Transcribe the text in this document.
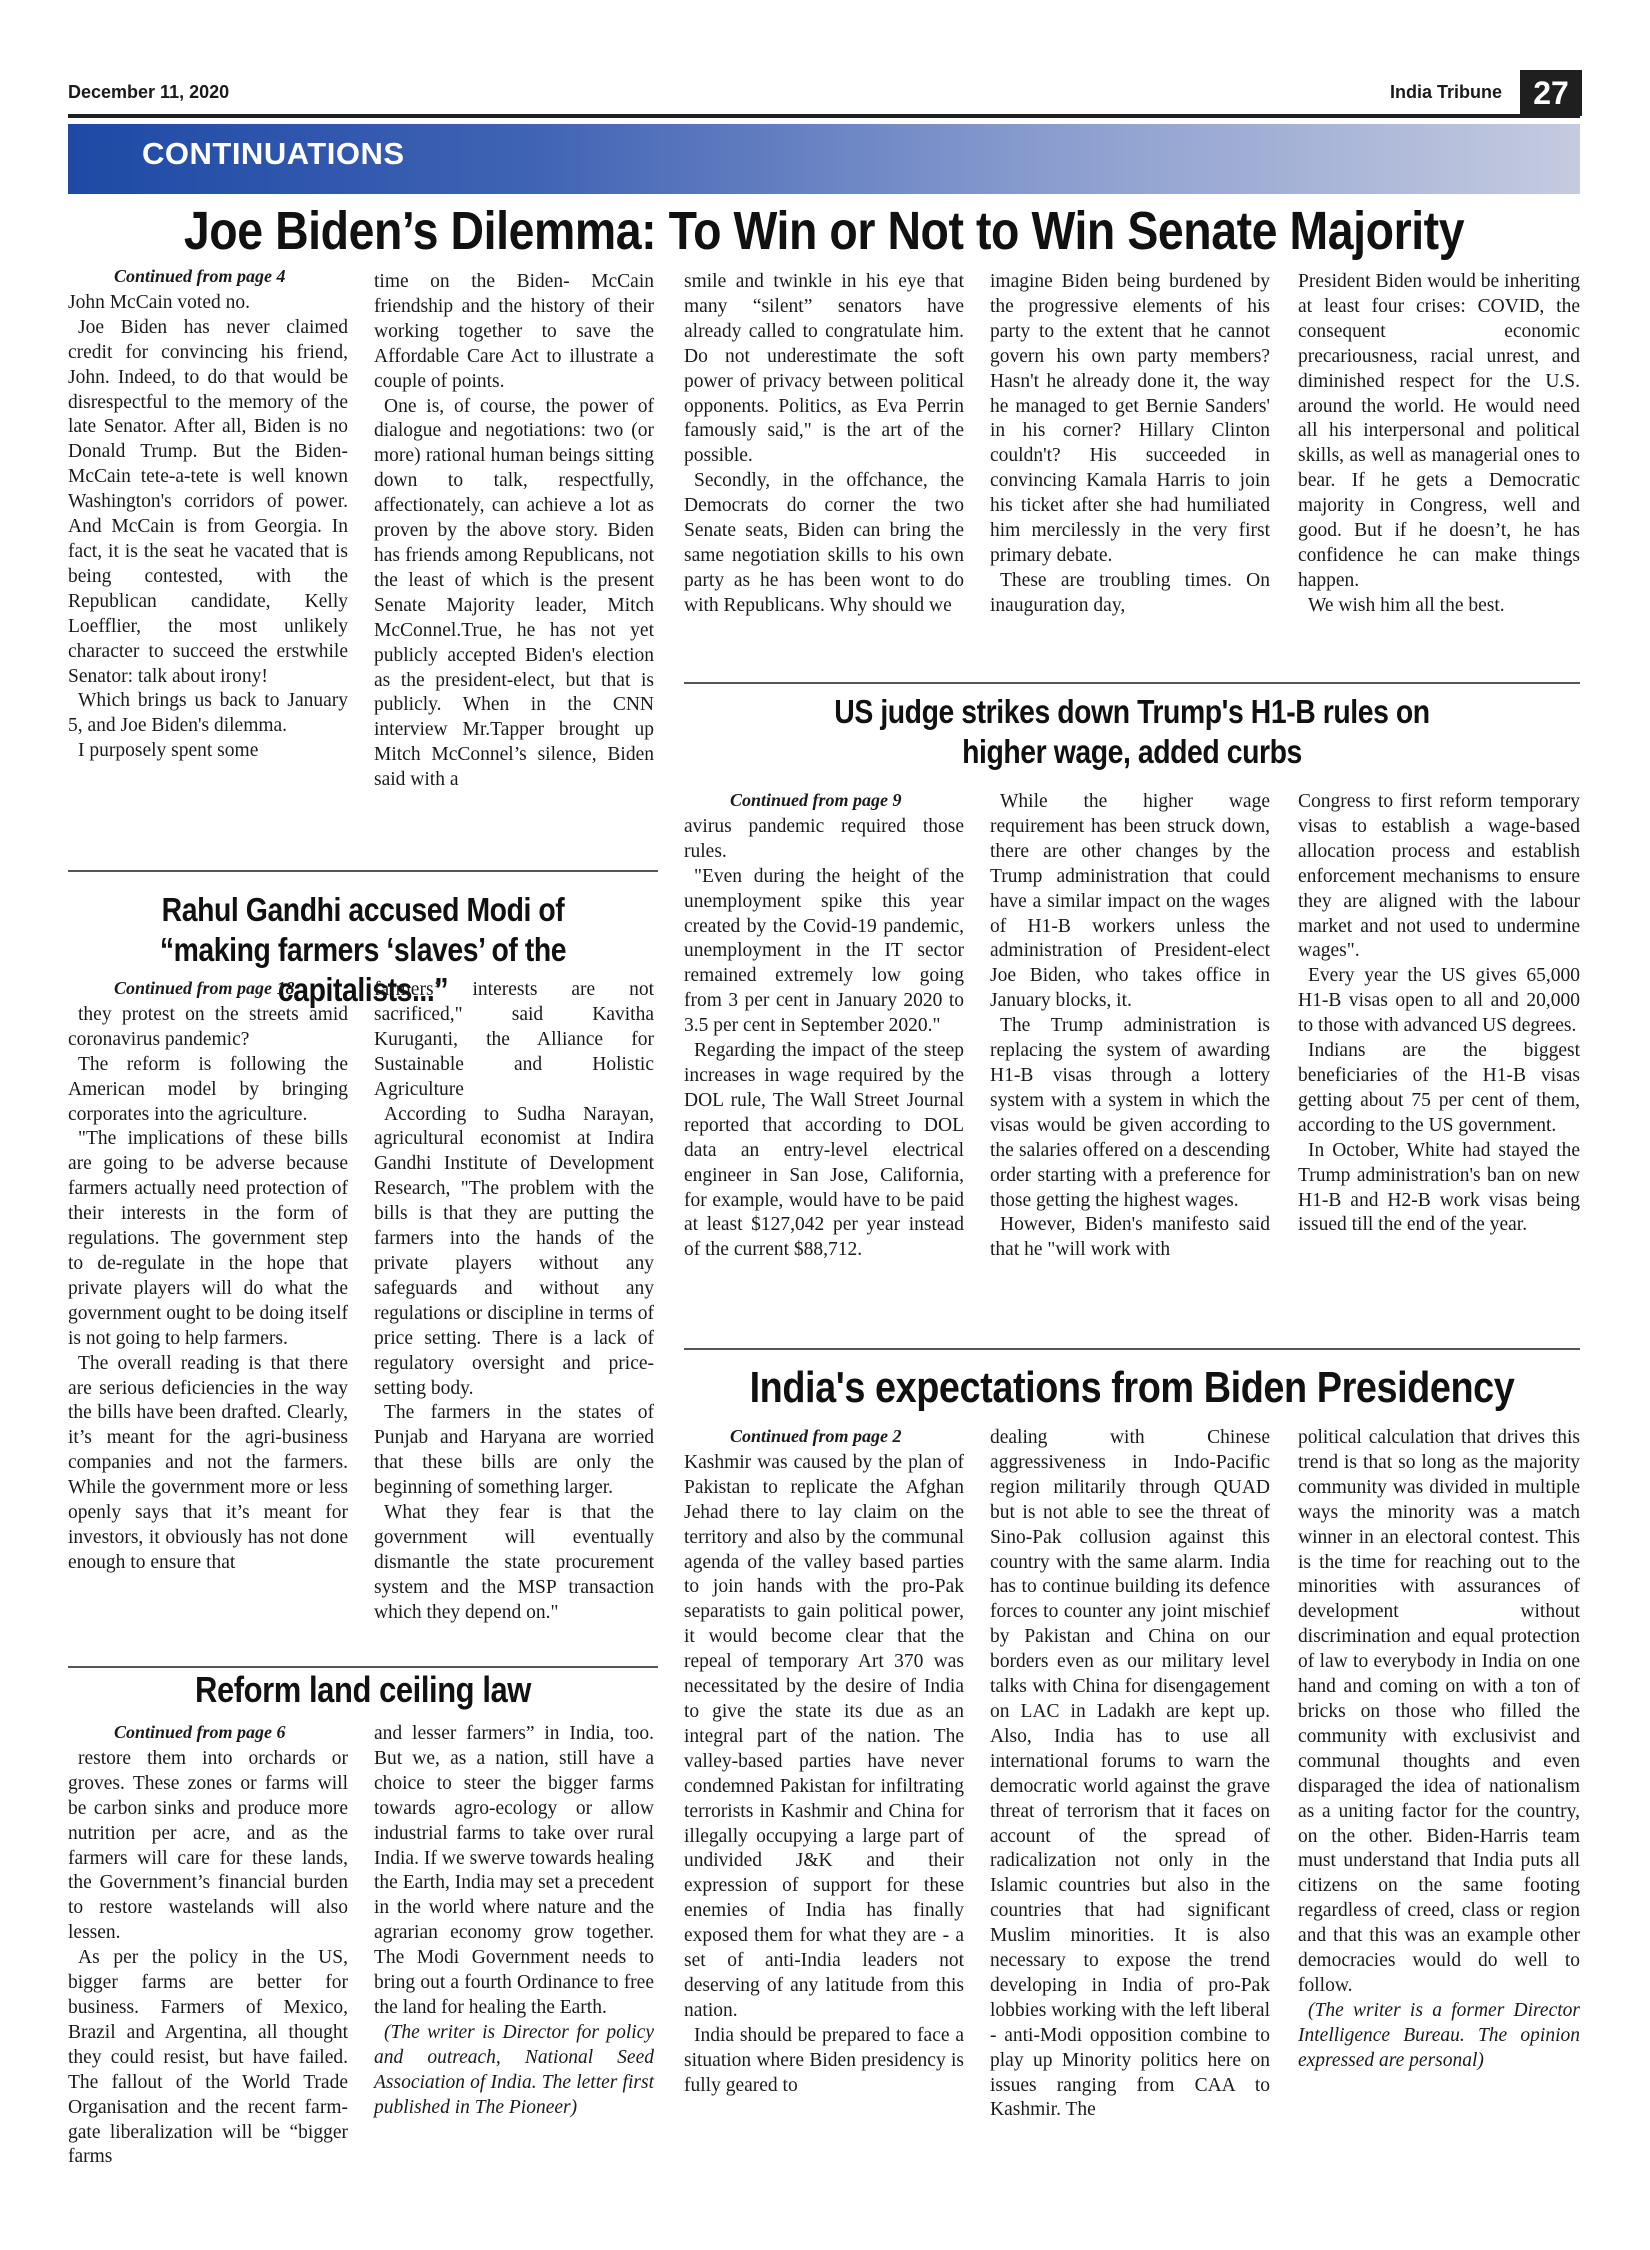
December 11, 2020	India Tribune 27
CONTINUATIONS
Joe Biden’s Dilemma: To Win or Not to Win Senate Majority
Continued from page 4

John McCain voted no.

Joe Biden has never claimed credit for convincing his friend, John. Indeed, to do that would be disrespectful to the memory of the late Senator. After all, Biden is no Donald Trump. But the Biden-McCain tete-a-tete is well known Washington's corridors of power. And McCain is from Georgia. In fact, it is the seat he vacated that is being contested, with the Republican candidate, Kelly Loefflier, the most unlikely character to succeed the erstwhile Senator: talk about irony!

Which brings us back to January 5, and Joe Biden's dilemma.

I purposely spent some

time on the Biden- McCain friendship and the history of their working together to save the Affordable Care Act to illustrate a couple of points.

One is, of course, the power of dialogue and negotiations: two (or more) rational human beings sitting down to talk, respectfully, affectionately, can achieve a lot as proven by the above story. Biden has friends among Republicans, not the least of which is the present Senate Majority leader, Mitch McConnel.True, he has not yet publicly accepted Biden's election as the president-elect, but that is publicly. When in the CNN interview Mr.Tapper brought up Mitch McConnel’s silence, Biden said with a

smile and twinkle in his eye that many “silent” senators have already called to congratulate him. Do not underestimate the soft power of privacy between political opponents. Politics, as Eva Perrin famously said," is the art of the possible.

Secondly, in the offchance, the Democrats do corner the two Senate seats, Biden can bring the same negotiation skills to his own party as he has been wont to do with Republicans. Why should we

imagine Biden being burdened by the progressive elements of his party to the extent that he cannot govern his own party members? Hasn't he already done it, the way he managed to get Bernie Sanders' in his corner? Hillary Clinton couldn't? His succeeded in convincing Kamala Harris to join his ticket after she had humiliated him mercilessly in the very first primary debate.

These are troubling times. On inauguration day,

President Biden would be inheriting at least four crises: COVID, the consequent economic precariousness, racial unrest, and diminished respect for the U.S. around the world. He would need all his interpersonal and political skills, as well as managerial ones to bear. If he gets a Democratic majority in Congress, well and good. But if he doesn’t, he has confidence he can make things happen.

We wish him all the best.

US judge strikes down Trump's H1-B rules on
higher wage, added curbs
Continued from page 9

avirus pandemic required those rules.

"Even during the height of the unemployment spike this year created by the Covid-19 pandemic, unemployment in the IT sector remained extremely low going from 3 per cent in January 2020 to 3.5 per cent in September 2020."

Regarding the impact of the steep increases in wage required by the DOL rule, The Wall Street Journal reported that according to DOL data an entry-level electrical engineer in San Jose, California, for example, would have to be paid at least $127,042 per year instead of the current $88,712.

While the higher wage requirement has been struck down, there are other changes by the Trump administration that could have a similar impact on the wages of H1-B workers unless the administration of President-elect Joe Biden, who takes office in January blocks, it.

The Trump administration is replacing the system of awarding H1-B visas through a lottery system with a system in which the visas would be given according to the salaries offered on a descending order starting with a preference for those getting the highest wages.

However, Biden's manifesto said that he "will work with

Congress to first reform temporary visas to establish a wage-based allocation process and establish enforcement mechanisms to ensure they are aligned with the labour market and not used to undermine wages".

Every year the US gives 65,000 H1-B visas open to all and 20,000 to those with advanced US degrees.

Indians are the biggest beneficiaries of the H1-B visas getting about 75 per cent of them, according to the US government.

In October, White had stayed the Trump administration's ban on new H1-B and H2-B work visas being issued till the end of the year.

Rahul Gandhi accused Modi of
“making farmers ‘slaves’ of the capitalists...”
Continued from page 18

they protest on the streets amid coronavirus pandemic?

The reform is following the American model by bringing corporates into the agriculture.

"The implications of these bills are going to be adverse because farmers actually need protection of their interests in the form of regulations. The government step to de-regulate in the hope that private players will do what the government ought to be doing itself is not going to help farmers.

The overall reading is that there are serious deficiencies in the way the bills have been drafted. Clearly, it’s meant for the agri-business companies and not the farmers. While the government more or less openly says that it’s meant for investors, it obviously has not done enough to ensure that

farmers’ interests are not sacrificed," said Kavitha Kuruganti, the Alliance for Sustainable and Holistic Agriculture

According to Sudha Narayan, agricultural economist at Indira Gandhi Institute of Development Research, "The problem with the bills is that they are putting the farmers into the hands of the private players without any safeguards and without any regulations or discipline in terms of price setting. There is a lack of regulatory oversight and price-setting body.

The farmers in the states of Punjab and Haryana are worried that these bills are only the beginning of something larger.

What they fear is that the government will eventually dismantle the state procurement system and the MSP transaction which they depend on."

Reform land ceiling law
Continued from page 6

restore them into orchards or groves. These zones or farms will be carbon sinks and produce more nutrition per acre, and as the farmers will care for these lands, the Government’s financial burden to restore wastelands will also lessen.

As per the policy in the US, bigger farms are better for business. Farmers of Mexico, Brazil and Argentina, all thought they could resist, but have failed. The fallout of the World Trade Organisation and the recent farm-gate liberalization will be “bigger farms

and lesser farmers” in India, too. But we, as a nation, still have a choice to steer the bigger farms towards agro-ecology or allow industrial farms to take over rural India. If we swerve towards healing the Earth, India may set a precedent in the world where nature and the agrarian economy grow together. The Modi Government needs to bring out a fourth Ordinance to free the land for healing the Earth.

(The writer is Director for policy and outreach, National Seed Association of India. The letter first published in The Pioneer)

India's expectations from Biden Presidency
Continued from page 2

Kashmir was caused by the plan of Pakistan to replicate the Afghan Jehad there to lay claim on the territory and also by the communal agenda of the valley based parties to join hands with the pro-Pak separatists to gain political power, it would become clear that the repeal of temporary Art 370 was necessitated by the desire of India to give the state its due as an integral part of the nation. The valley-based parties have never condemned Pakistan for infiltrating terrorists in Kashmir and China for illegally occupying a large part of undivided J&K and their expression of support for these enemies of India has finally exposed them for what they are - a set of anti-India leaders not deserving of any latitude from this nation.

India should be prepared to face a situation where Biden presidency is fully geared to

dealing with Chinese aggressiveness in Indo-Pacific region militarily through QUAD but is not able to see the threat of Sino-Pak collusion against this country with the same alarm. India has to continue building its defence forces to counter any joint mischief by Pakistan and China on our borders even as our military level talks with China for disengagement on LAC in Ladakh are kept up. Also, India has to use all international forums to warn the democratic world against the grave threat of terrorism that it faces on account of the spread of radicalization not only in the Islamic countries but also in the countries that had significant Muslim minorities. It is also necessary to expose the trend developing in India of pro-Pak lobbies working with the left liberal - anti-Modi opposition combine to play up Minority politics here on issues ranging from CAA to Kashmir. The

political calculation that drives this trend is that so long as the majority community was divided in multiple ways the minority was a match winner in an electoral contest. This is the time for reaching out to the minorities with assurances of development without discrimination and equal protection of law to everybody in India on one hand and coming on with a ton of bricks on those who filled the community with exclusivist and communal thoughts and even disparaged the idea of nationalism as a uniting factor for the country, on the other. Biden-Harris team must understand that India puts all citizens on the same footing regardless of creed, class or region and that this was an example other democracies would do well to follow.

(The writer is a former Director Intelligence Bureau. The opinion expressed are personal)
